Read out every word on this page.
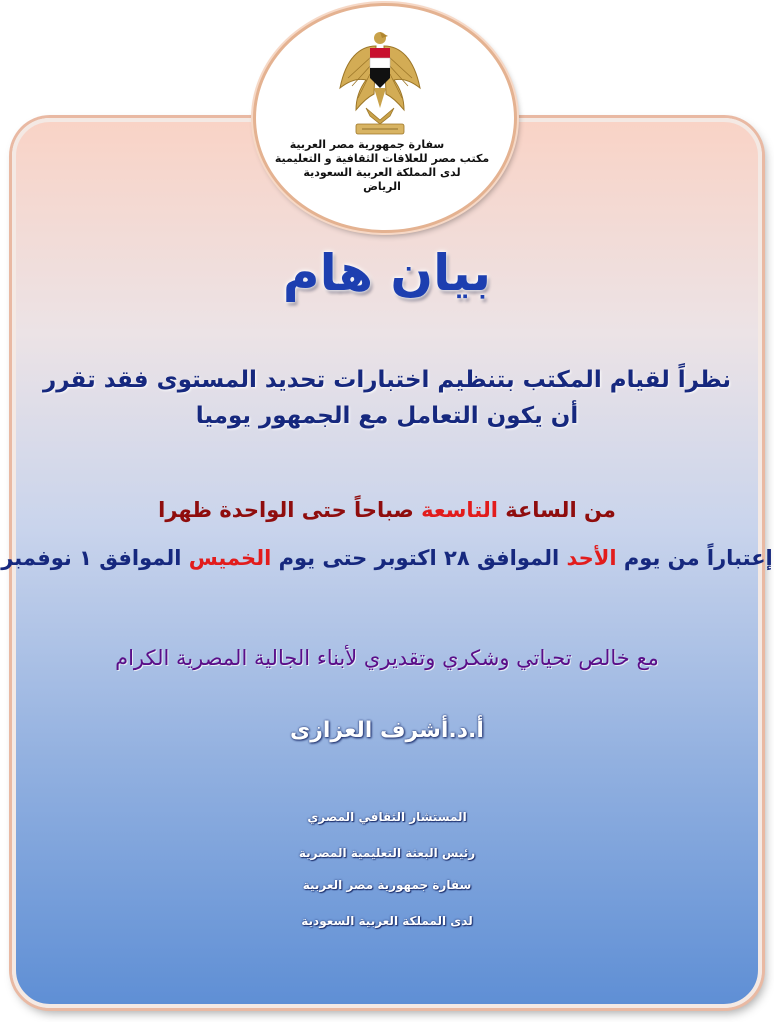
سفارة جمهورية مصر العربية
مكتب مصر للعلاقات الثقافية و التعليمية
لدى المملكة العربية السعودية
الرياض
بيان هام
نظراً لقيام المكتب بتنظيم اختبارات تحديد المستوى فقد تقرر أن يكون التعامل مع الجمهور يوميا
من الساعة التاسعة صباحاً حتى الواحدة ظهرا
إعتباراً من يوم الأحد الموافق ٢٨ اكتوبر حتى يوم الخميس الموافق ١ نوفمبر
مع خالص تحياتي وشكري وتقديري لأبناء الجالية المصرية الكرام
أ.د.أشرف العزازى
المستشار الثقافي المصري
رئيس البعثة التعليمية المصرية
سفارة جمهورية مصر العربية
لدى المملكة العربية السعودية
